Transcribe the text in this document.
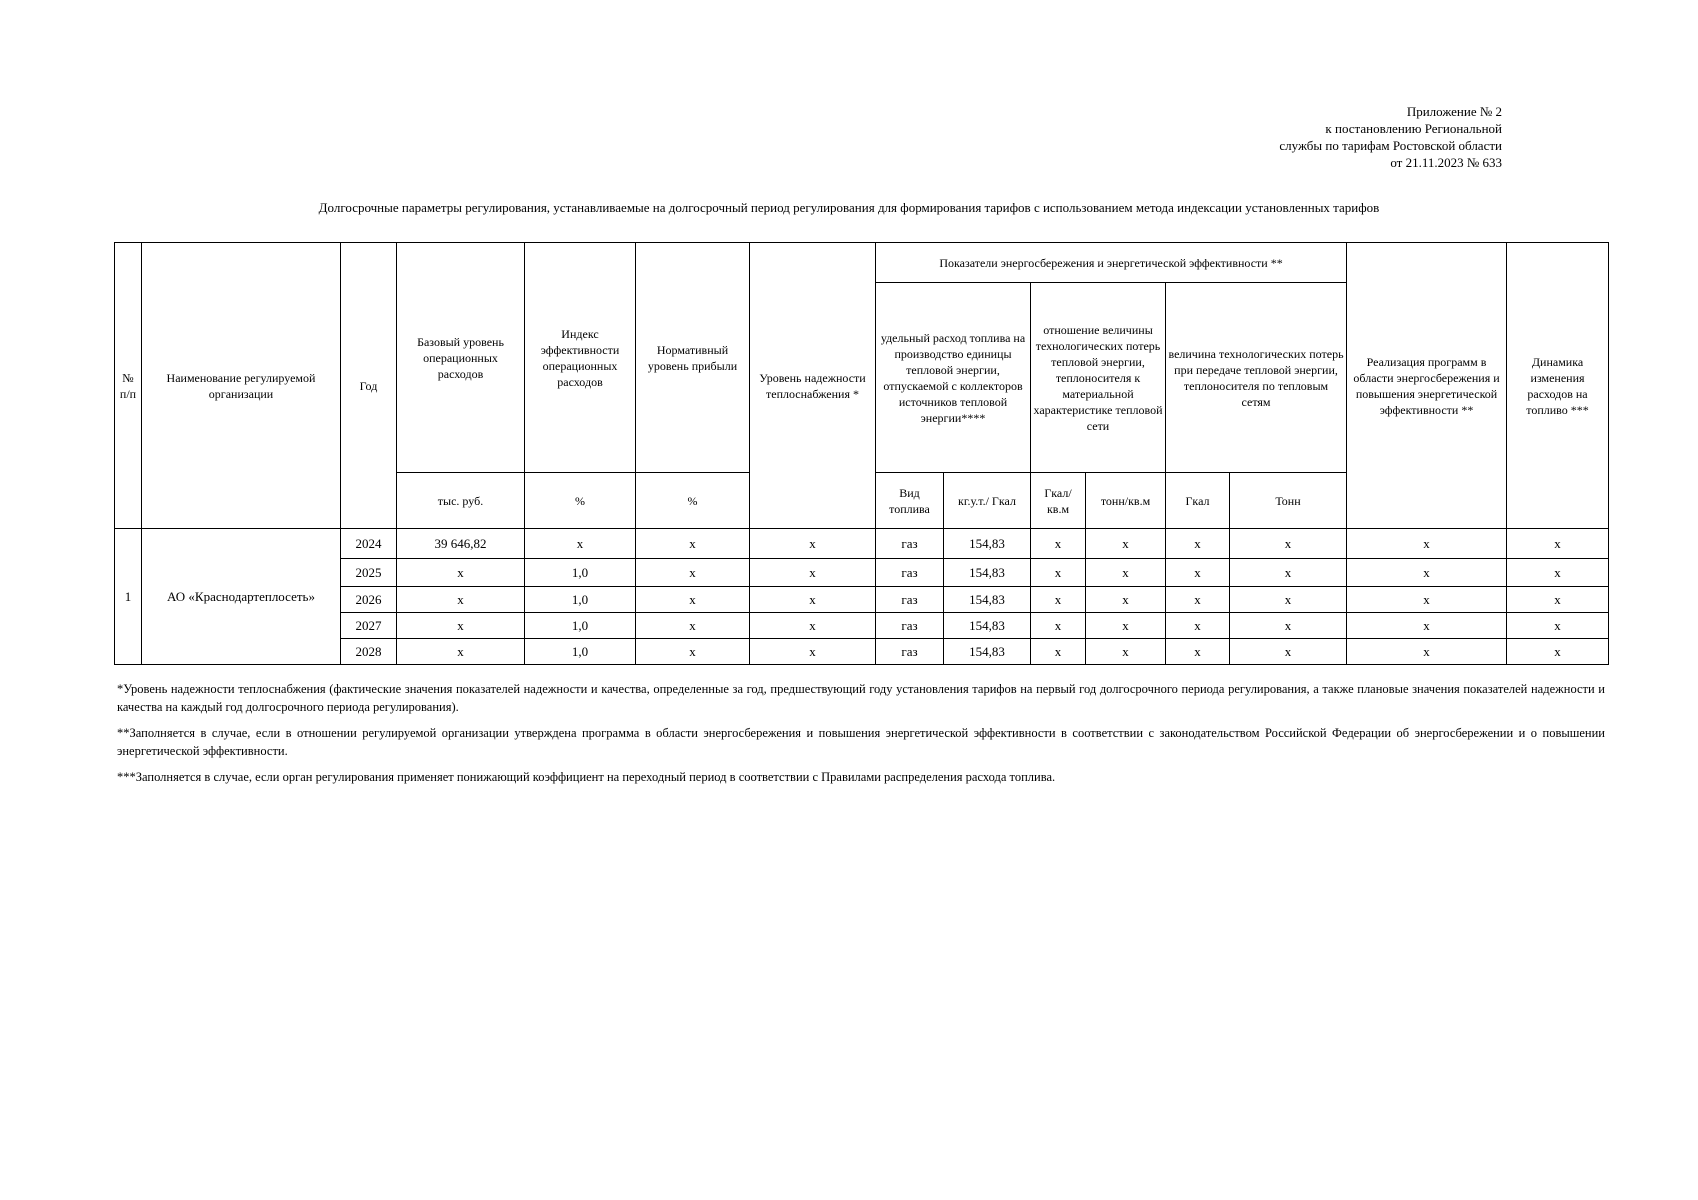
Приложение № 2
к постановлению Региональной
службы по тарифам Ростовской области
от 21.11.2023 № 633
Долгосрочные параметры регулирования, устанавливаемые на долгосрочный период регулирования для формирования тарифов с использованием метода индексации установленных тарифов
№ п/п	Наименование регулируемой организации	Год	Базовый уровень операционных расходов	Индекс эффективности операционных расходов	Нормативный уровень прибыли	Уровень надежности теплоснабжения *	Показатели энергосбережения и энергетической эффективности **						Реализация программ в области энергосбережения и повышения энергетической эффективности **	Динамика изменения расходов на топливо ***
							удельный расход топлива на производство единицы тепловой энергии, отпускаемой с коллекторов источников тепловой энергии****		отношение величины технологических потерь тепловой энергии, теплоносителя к материальной характеристике тепловой сети		величина технологических потерь при передаче тепловой энергии, теплоносителя по тепловым сетям			
			тыс. руб.	%	%		Вид топлива	кг.у.т./ Гкал	Гкал/ кв.м	тонн/кв.м	Гкал	Тонн		
1	АО «Краснодартеплосеть»	2024	39 646,82	x	x	x	газ	154,83	x	x	x	x	x	x
		2025	x	1,0	x	x	газ	154,83	x	x	x	x	x	x
		2026	x	1,0	x	x	газ	154,83	x	x	x	x	x	x
		2027	x	1,0	x	x	газ	154,83	x	x	x	x	x	x
		2028	x	1,0	x	x	газ	154,83	x	x	x	x	x	x
*Уровень надежности теплоснабжения (фактические значения показателей надежности и качества, определенные за год, предшествующий году установления тарифов на первый год долгосрочного периода регулирования, а также плановые значения показателей надежности и качества на каждый год долгосрочного периода регулирования).
**Заполняется в случае, если в отношении регулируемой организации утверждена программа в области энергосбережения и повышения энергетической эффективности в соответствии с законодательством Российской Федерации об энергосбережении и о повышении энергетической эффективности.
***Заполняется в случае, если орган регулирования применяет понижающий коэффициент на переходный период в соответствии с Правилами распределения расхода топлива.
